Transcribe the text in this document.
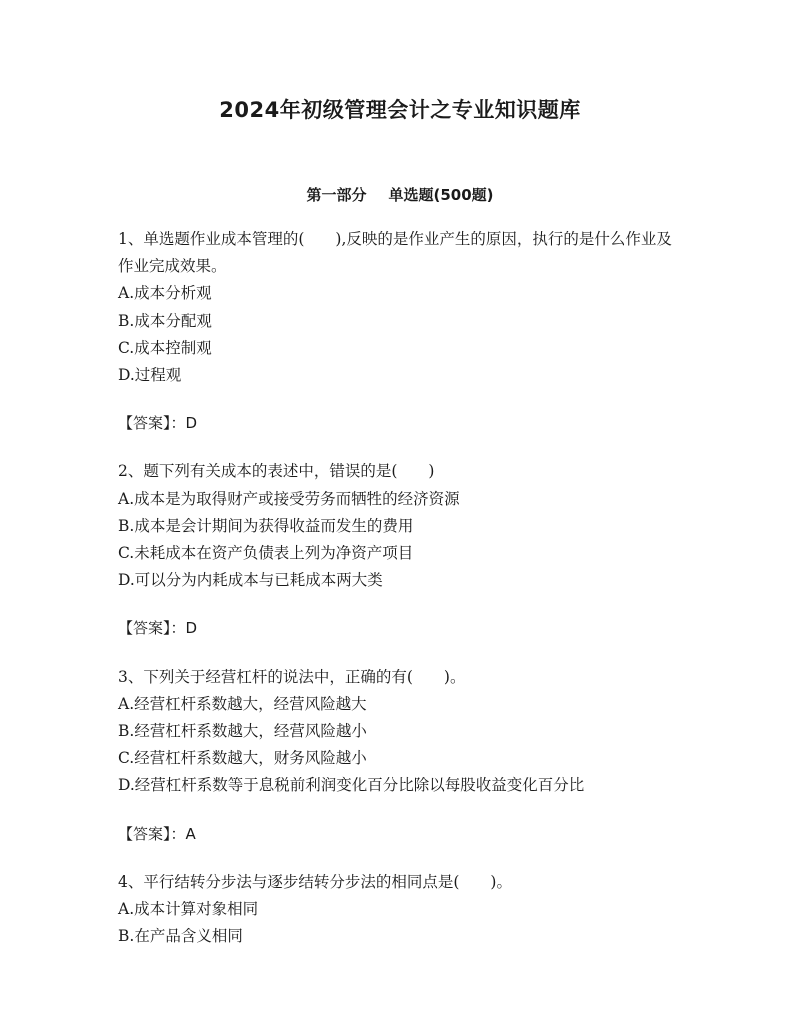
2024年初级管理会计之专业知识题库
第一部分 单选题(500题)

1、单选题作业成本管理的(　　),反映的是作业产生的原因，执行的是什么作业及作业完成效果。

A.成本分析观

B.成本分配观

C.成本控制观

D.过程观

【答案】：D

2、题下列有关成本的表述中，错误的是(　　)

A.成本是为取得财产或接受劳务而牺牲的经济资源

B.成本是会计期间为获得收益而发生的费用

C.未耗成本在资产负债表上列为净资产项目

D.可以分为内耗成本与已耗成本两大类

【答案】：D

3、下列关于经营杠杆的说法中，正确的有(　　)。

A.经营杠杆系数越大，经营风险越大

B.经营杠杆系数越大，经营风险越小

C.经营杠杆系数越大，财务风险越小

D.经营杠杆系数等于息税前利润变化百分比除以每股收益变化百分比

【答案】：A

4、平行结转分步法与逐步结转分步法的相同点是(　　)。

A.成本计算对象相同

B.在产品含义相同
